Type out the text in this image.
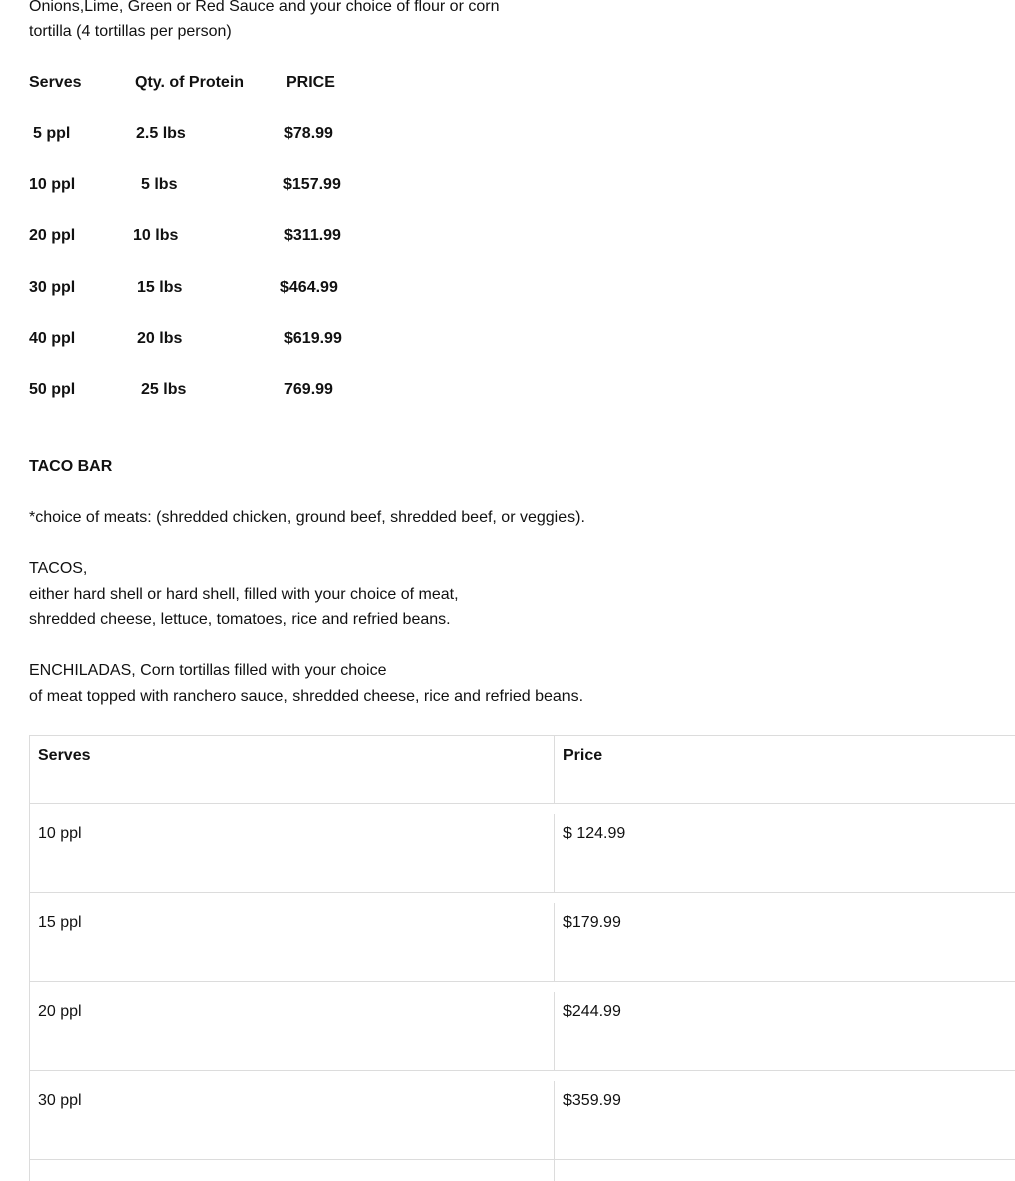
Onions,Lime, Green or Red Sauce and your choice of flour or corn
tortilla (4 tortillas per person)
Serves	Qty. of Protein	PRICE
5 ppl	2.5 lbs	$78.99
10 ppl	5 lbs	$157.99
20 ppl	10 lbs	$311.99
30 ppl	15 lbs	$464.99
40 ppl	20 lbs	$619.99
50 ppl	25 lbs	769.99
TACO BAR
*choice of meats: (shredded chicken, ground beef, shredded beef, or veggies).
TACOS,
either hard shell or hard shell, filled with your choice of meat,
shredded cheese, lettuce, tomatoes, rice and refried beans.
ENCHILADAS, Corn tortillas filled with your choice
of meat topped with ranchero sauce, shredded cheese, rice and refried beans.
Serves	Price
10 ppl	$ 124.99
15 ppl	$179.99
20 ppl	$244.99
30 ppl	$359.99
